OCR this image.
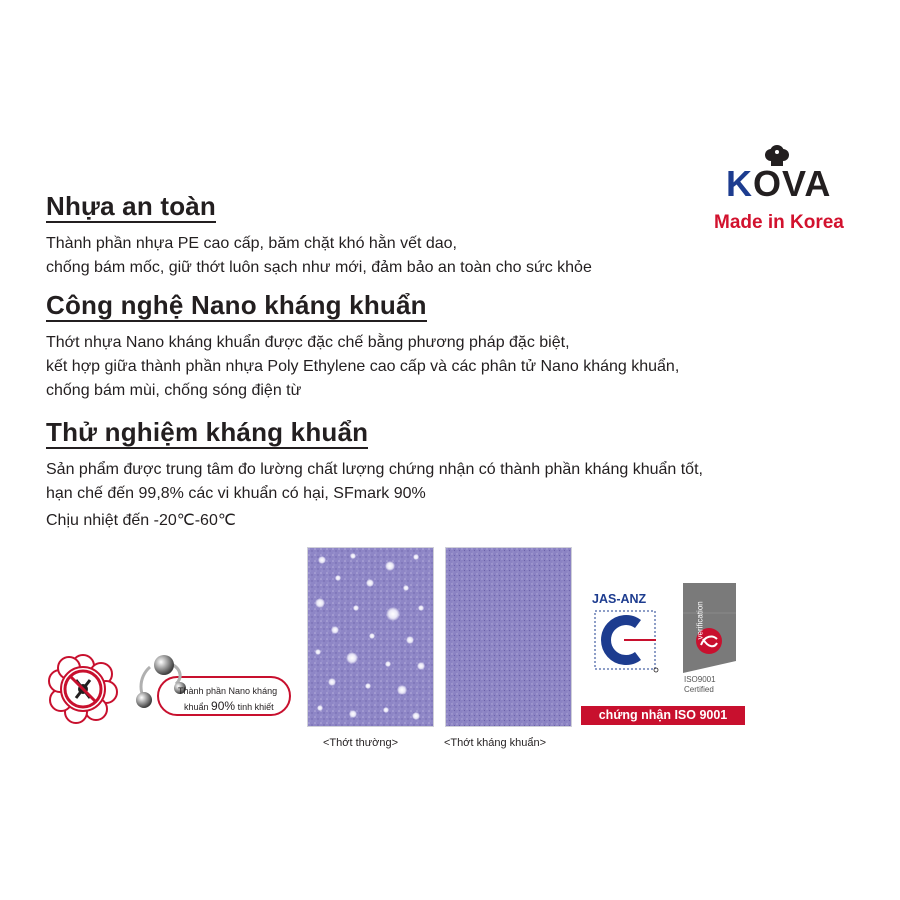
KOVA
Made in Korea
Nhựa an toàn
Thành phần nhựa PE cao cấp, băm chặt khó hằn vết dao,
chống bám mốc, giữ thớt luôn sạch như mới, đảm bảo an toàn cho sức khỏe
Công nghệ Nano kháng khuẩn
Thớt nhựa Nano kháng khuẩn được đặc chế bằng phương pháp đặc biệt,
kết hợp giữa thành phần nhựa Poly Ethylene cao cấp và các phân tử Nano kháng khuẩn,
chống bám mùi, chống sóng điện từ
Thử nghiệm kháng khuẩn
Sản phẩm được trung tâm đo lường chất lượng chứng nhận có thành phần kháng khuẩn tốt,
hạn chế đến 99,8% các vi khuẩn có hại, SFmark 90%
Chịu nhiệt đến -20℃-60℃
Thành phần Nano kháng
khuẩn 90% tinh khiết
<Thớt thường>	<Thớt kháng khuẩn>
JAS-ANZ
verification
ISO9001
Certified
chứng nhận ISO 9001
